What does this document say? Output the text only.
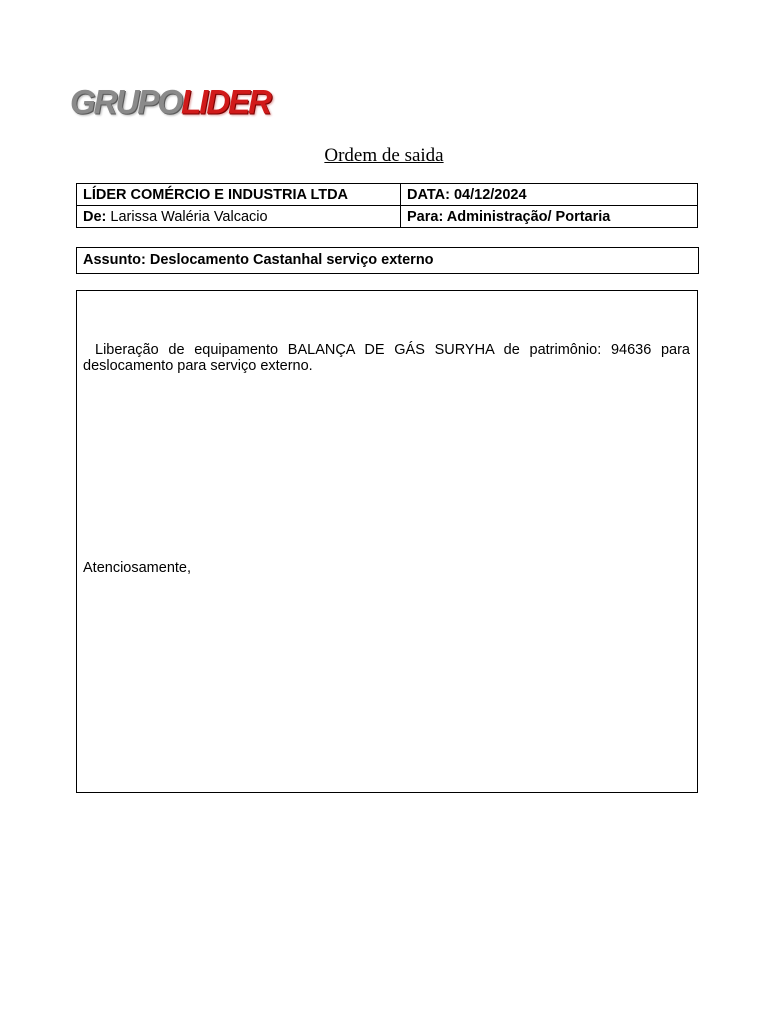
GRUPOLIDER
Ordem de saida
LÍDER COMÉRCIO E INDUSTRIA LTDA	DATA: 04/12/2024
De: Larissa Waléria Valcacio	Para: Administração/ Portaria
Assunto: Deslocamento Castanhal serviço externo
Liberação de equipamento BALANÇA DE GÁS SURYHA de patrimônio: 94636 para deslocamento para serviço externo.
Atenciosamente,
